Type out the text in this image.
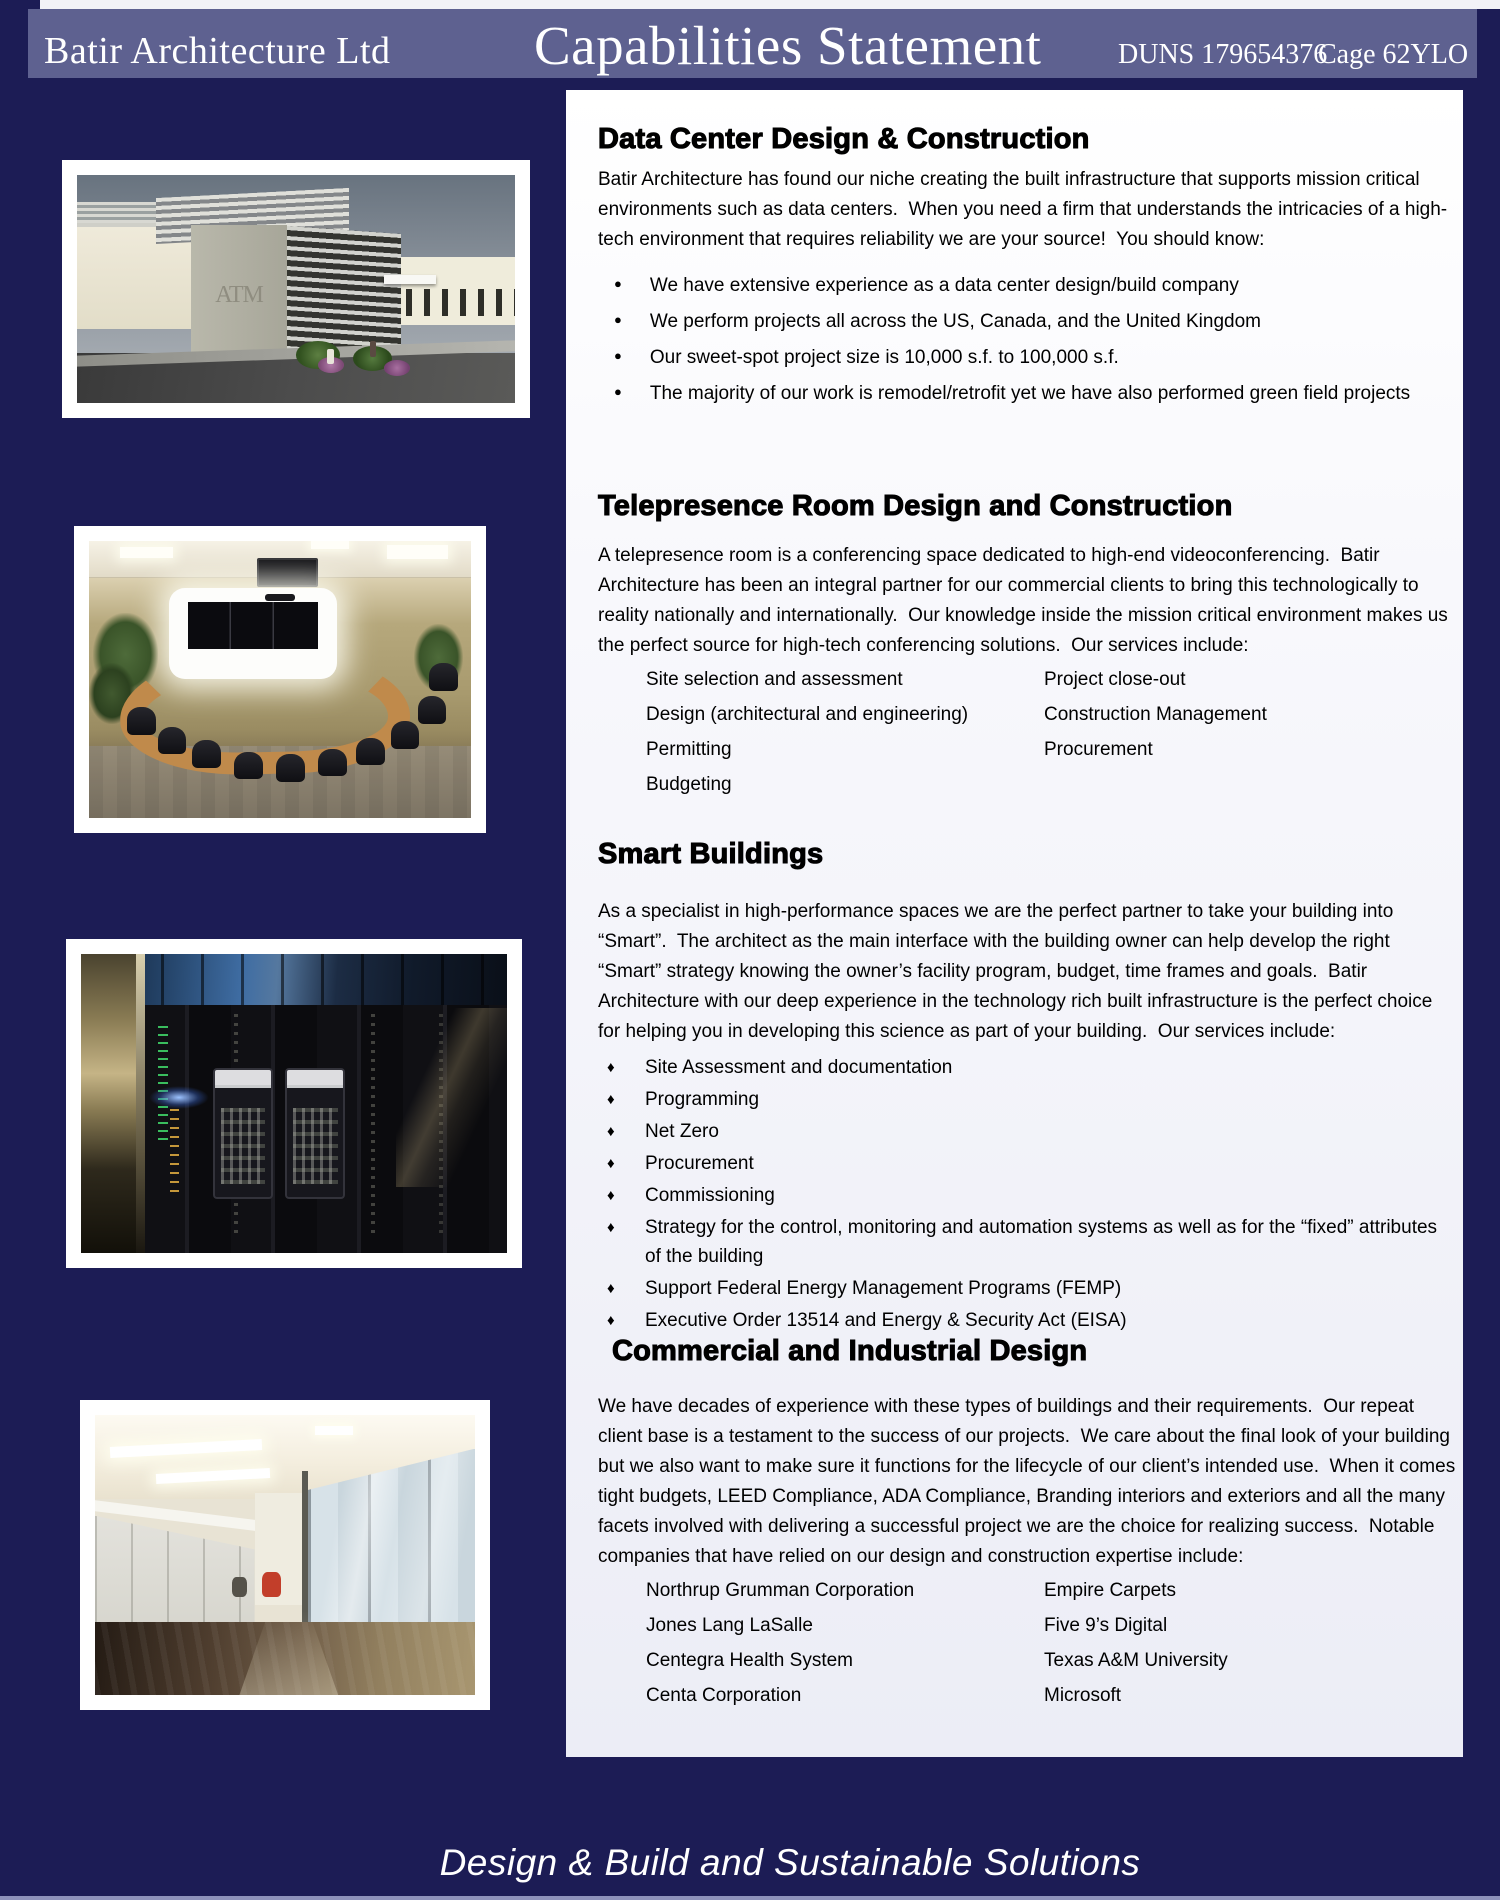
Batir Architecture Ltd	Capabilities Statement	DUNS 179654376
Cage 62YLO
ATM
Data Center Design & Construction

Batir Architecture has found our niche creating the built infrastructure that supports mission critical environments such as data centers.  When you need a firm that understands the intricacies of a high-tech environment that requires reliability we are your source!  You should know:

● We have extensive experience as a data center design/build company

● We perform projects all across the US, Canada, and the United Kingdom

● Our sweet-spot project size is 10,000 s.f. to 100,000 s.f.

● The majority of our work is remodel/retrofit yet we have also performed green field projects

Telepresence Room Design and Construction

A telepresence room is a conferencing space dedicated to high-end videoconferencing.  Batir Architecture has been an integral partner for our commercial clients to bring this technologically to reality nationally and internationally.  Our knowledge inside the mission critical environment makes us the perfect source for high-tech conferencing solutions.  Our services include:

Site selection and assessment	Project close-out
Design (architectural and engineering)	Construction Management
Permitting	Procurement
Budgeting
Smart Buildings

As a specialist in high-performance spaces we are the perfect partner to take your building into “Smart”.  The architect as the main interface with the building owner can help develop the right “Smart” strategy knowing the owner’s facility program, budget, time frames and goals.  Batir Architecture with our deep experience in the technology rich built infrastructure is the perfect choice for helping you in developing this science as part of your building.  Our services include:

♦ Site Assessment and documentation
♦ Programming
♦ Net Zero
♦ Procurement
♦ Commissioning
♦ Strategy for the control, monitoring and automation systems as well as for the “fixed” attributes of the building
♦ Support Federal Energy Management Programs (FEMP)
♦ Executive Order 13514 and Energy & Security Act (EISA)
Commercial and Industrial Design

We have decades of experience with these types of buildings and their requirements.  Our repeat client base is a testament to the success of our projects.  We care about the final look of your building but we also want to make sure it functions for the lifecycle of our client’s intended use.  When it comes tight budgets, LEED Compliance, ADA Compliance, Branding interiors and exteriors and all the many facets involved with delivering a successful project we are the choice for realizing success.  Notable companies that have relied on our design and construction expertise include:

Northrup Grumman Corporation	Empire Carpets
Jones Lang LaSalle	Five 9’s Digital
Centegra Health System	Texas A&M University
Centa Corporation	Microsoft
Design & Build and Sustainable Solutions
